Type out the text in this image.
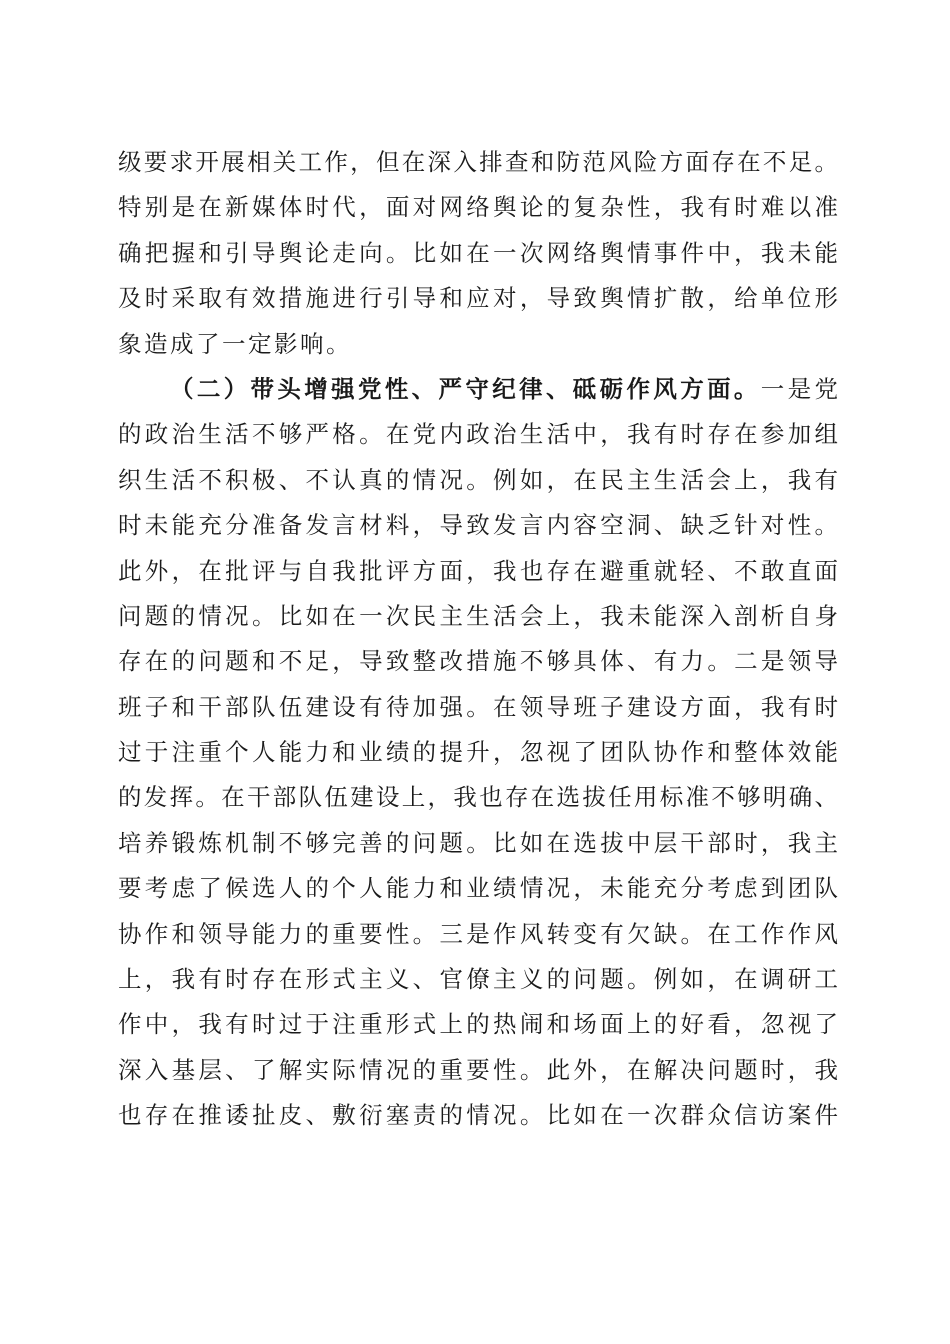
级要求开展相关工作，但在深入排查和防范风险方面存在不足。
特别是在新媒体时代，面对网络舆论的复杂性，我有时难以准
确把握和引导舆论走向。比如在一次网络舆情事件中，我未能
及时采取有效措施进行引导和应对，导致舆情扩散，给单位形
象造成了一定影响。
（二）带头增强党性、严守纪律、砥砺作风方面。一是党
的政治生活不够严格。在党内政治生活中，我有时存在参加组
织生活不积极、不认真的情况。例如，在民主生活会上，我有
时未能充分准备发言材料，导致发言内容空洞、缺乏针对性。
此外，在批评与自我批评方面，我也存在避重就轻、不敢直面
问题的情况。比如在一次民主生活会上，我未能深入剖析自身
存在的问题和不足，导致整改措施不够具体、有力。二是领导
班子和干部队伍建设有待加强。在领导班子建设方面，我有时
过于注重个人能力和业绩的提升，忽视了团队协作和整体效能
的发挥。在干部队伍建设上，我也存在选拔任用标准不够明确、
培养锻炼机制不够完善的问题。比如在选拔中层干部时，我主
要考虑了候选人的个人能力和业绩情况，未能充分考虑到团队
协作和领导能力的重要性。三是作风转变有欠缺。在工作作风
上，我有时存在形式主义、官僚主义的问题。例如，在调研工
作中，我有时过于注重形式上的热闹和场面上的好看，忽视了
深入基层、了解实际情况的重要性。此外，在解决问题时，我
也存在推诿扯皮、敷衍塞责的情况。比如在一次群众信访案件
